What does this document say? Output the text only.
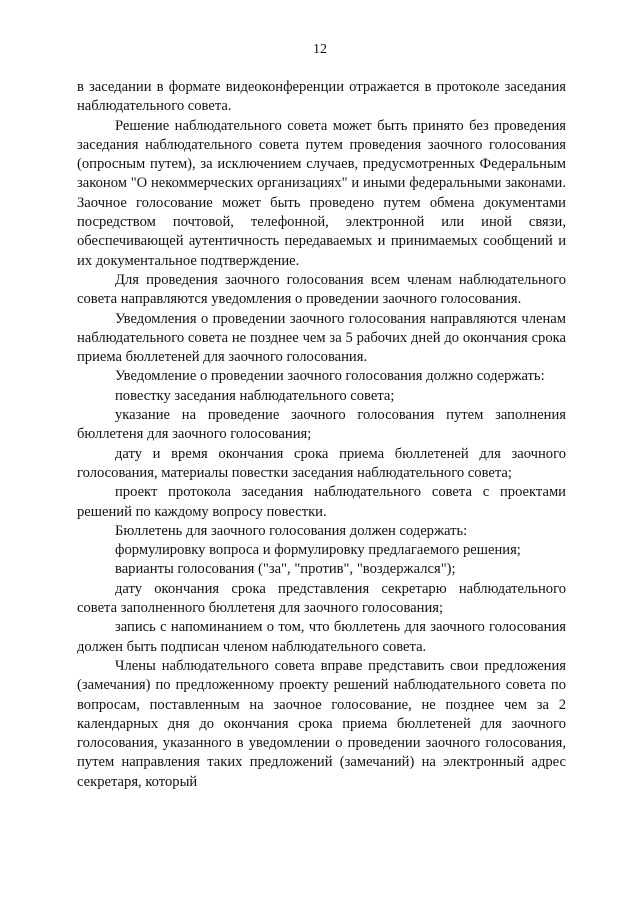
12

в заседании в формате видеоконференции отражается в протоколе заседания наблюдательного совета.

Решение наблюдательного совета может быть принято без проведения заседания наблюдательного совета путем проведения заочного голосования (опросным путем), за исключением случаев, предусмотренных Федеральным законом "О некоммерческих организациях" и иными федеральными законами. Заочное голосование может быть проведено путем обмена документами посредством почтовой, телефонной, электронной или иной связи, обеспечивающей аутентичность передаваемых и принимаемых сообщений и их документальное подтверждение.

Для проведения заочного голосования всем членам наблюдательного совета направляются уведомления о проведении заочного голосования.

Уведомления о проведении заочного голосования направляются членам наблюдательного совета не позднее чем за 5 рабочих дней до окончания срока приема бюллетеней для заочного голосования.

Уведомление о проведении заочного голосования должно содержать:

повестку заседания наблюдательного совета;

указание на проведение заочного голосования путем заполнения бюллетеня для заочного голосования;

дату и время окончания срока приема бюллетеней для заочного голосования, материалы повестки заседания наблюдательного совета;

проект протокола заседания наблюдательного совета с проектами решений по каждому вопросу повестки.

Бюллетень для заочного голосования должен содержать:

формулировку вопроса и формулировку предлагаемого решения;

варианты голосования ("за", "против", "воздержался");

дату окончания срока представления секретарю наблюдательного совета заполненного бюллетеня для заочного голосования;

запись с напоминанием о том, что бюллетень для заочного голосования должен быть подписан членом наблюдательного совета.

Члены наблюдательного совета вправе представить свои предложения (замечания) по предложенному проекту решений наблюдательного совета по вопросам, поставленным на заочное голосование, не позднее чем за 2 календарных дня до окончания срока приема бюллетеней для заочного голосования, указанного в уведомлении о проведении заочного голосования, путем направления таких предложений (замечаний) на электронный адрес секретаря, который
